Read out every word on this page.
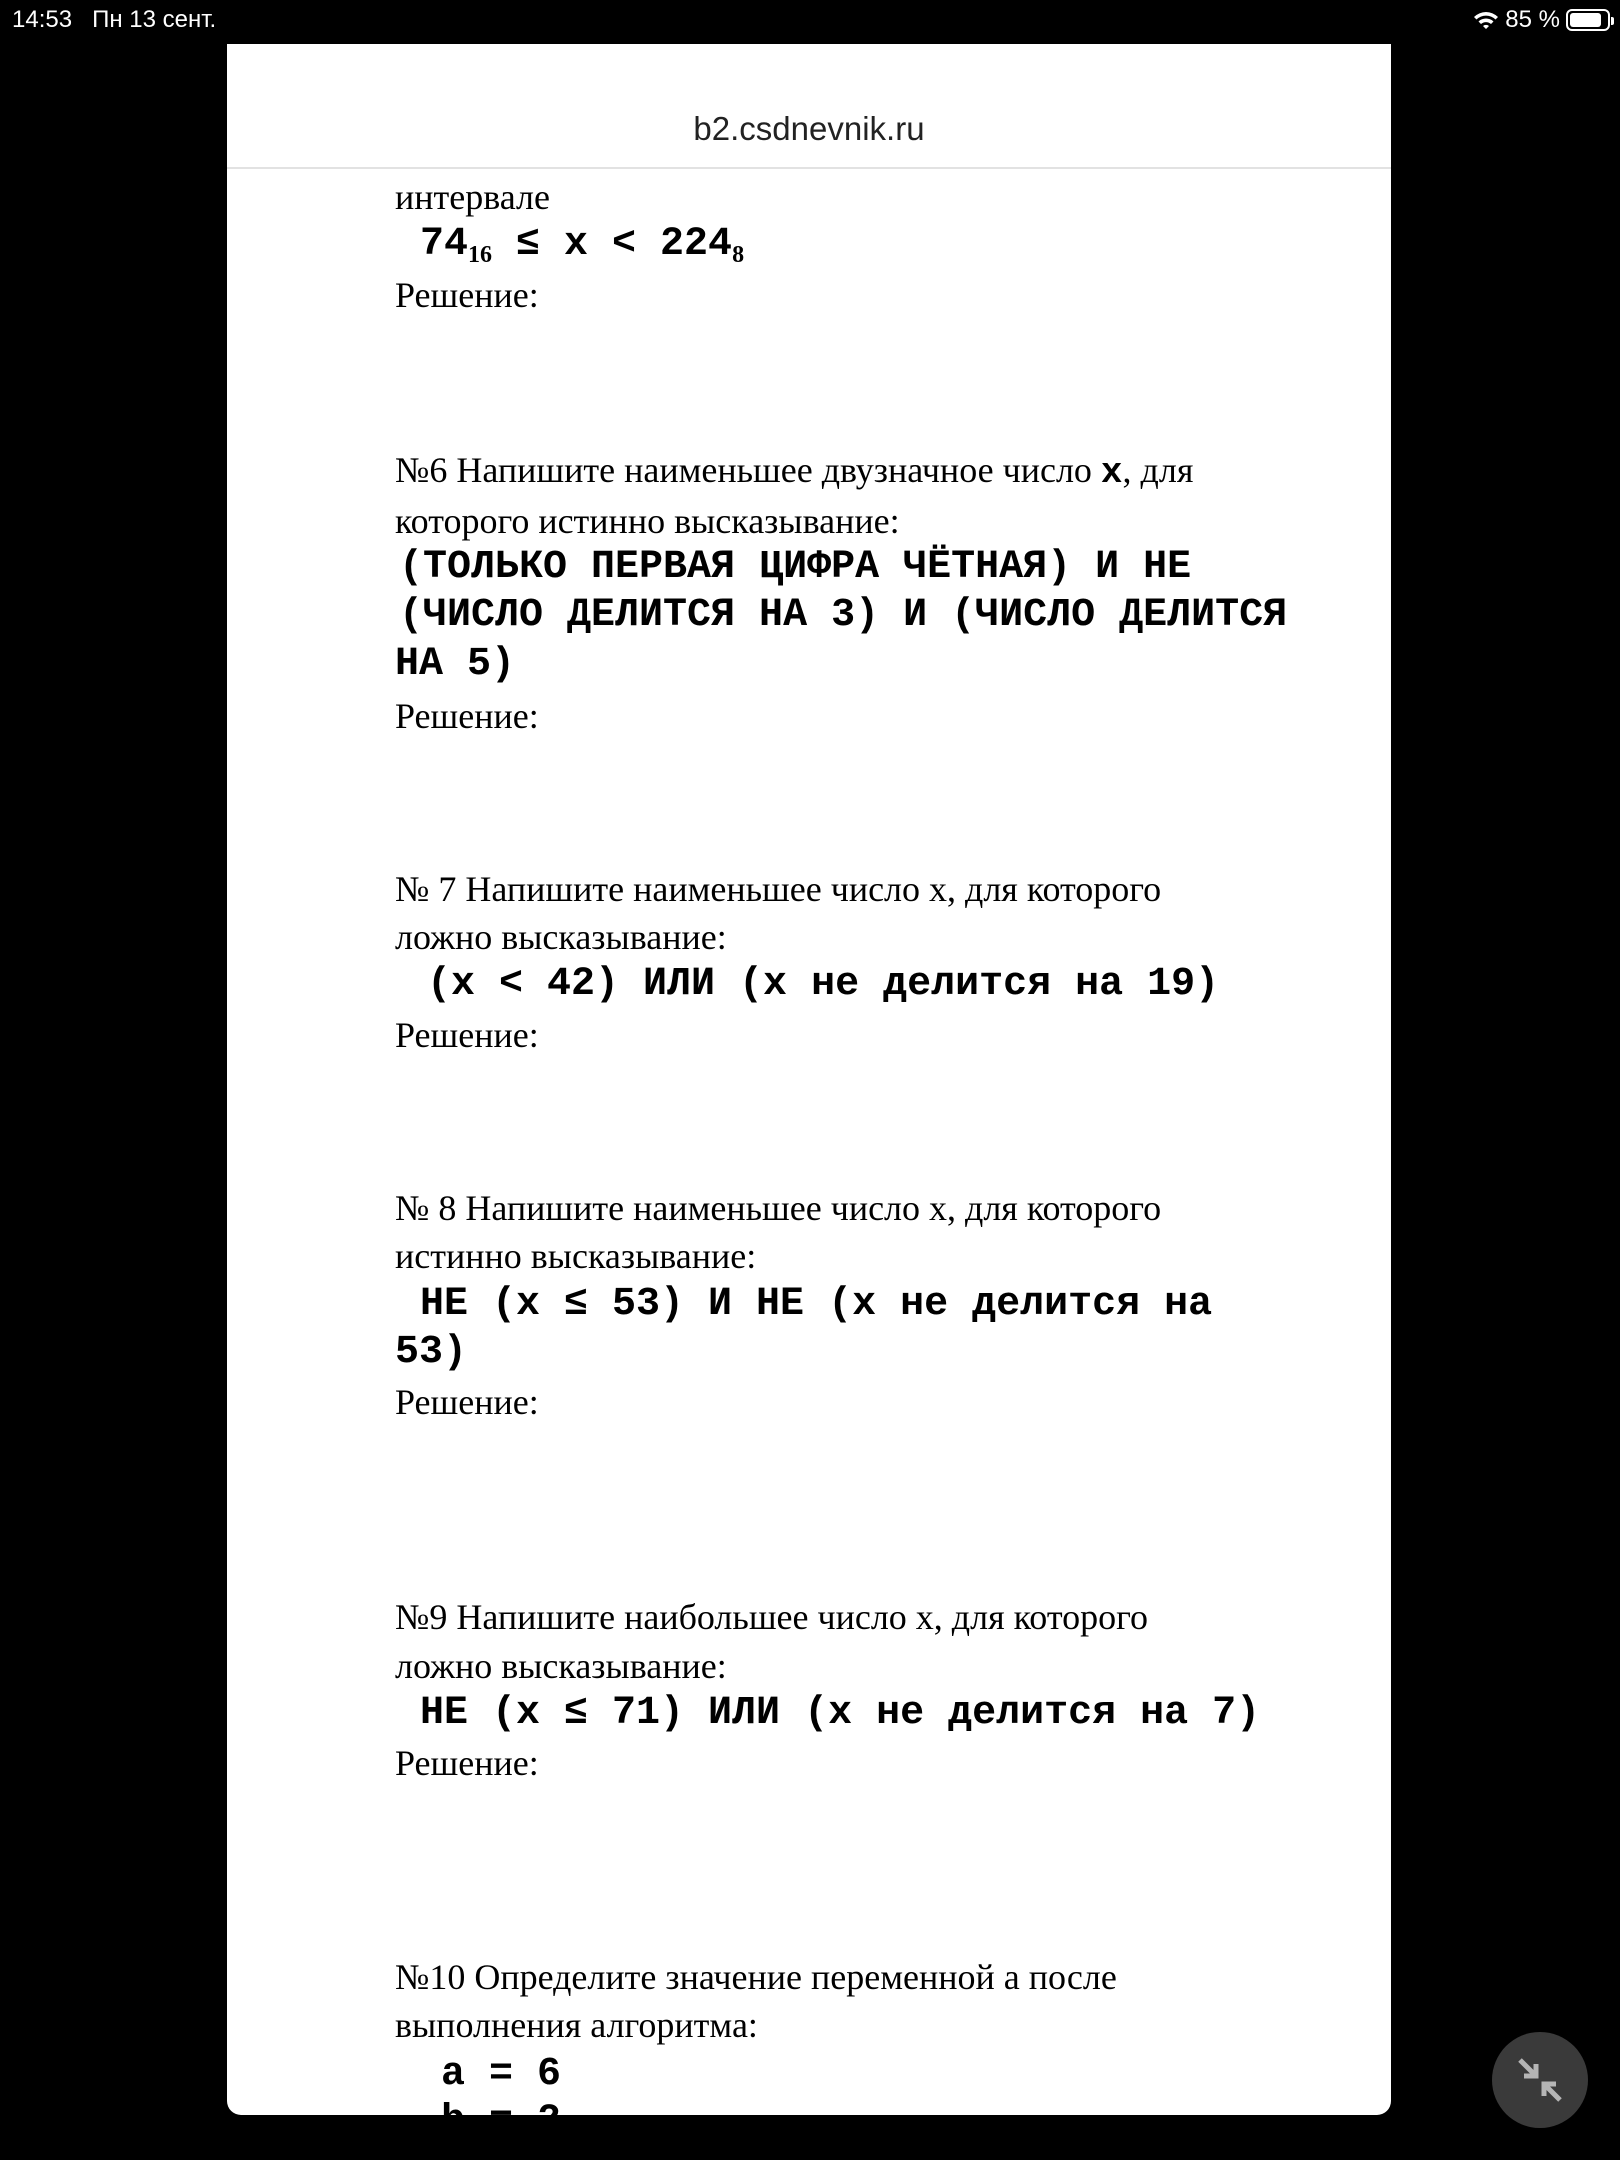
14:53 Пн 13 сент.	85 %
b2.csdnevnik.ru
интервале
$74_{16} \le x < 224_8$
Решение:
№6 Напишите наименьшее двузначное число x, для
которого истинно высказывание:
(ТОЛЬКО ПЕРВАЯ ЦИФРА ЧЁТНАЯ) И НЕ
(ЧИСЛО ДЕЛИТСЯ НА 3) И (ЧИСЛО ДЕЛИТСЯ
НА 5)
Решение:
№ 7 Напишите наименьшее число х, для которого
ложно высказывание:
(x < 42) ИЛИ (x не делится на 19)
Решение:
№ 8 Напишите наименьшее число х, для которого
истинно высказывание:
НЕ (x ≤ 53) И НЕ (x не делится на
53)
Решение:
№9 Напишите наибольшее число х, для которого
ложно высказывание:
НЕ (x ≤ 71) ИЛИ (x не делится на 7)
Решение:
№10 Определите значение переменной а после
выполнения алгоритма:
a = 6
b = 2
